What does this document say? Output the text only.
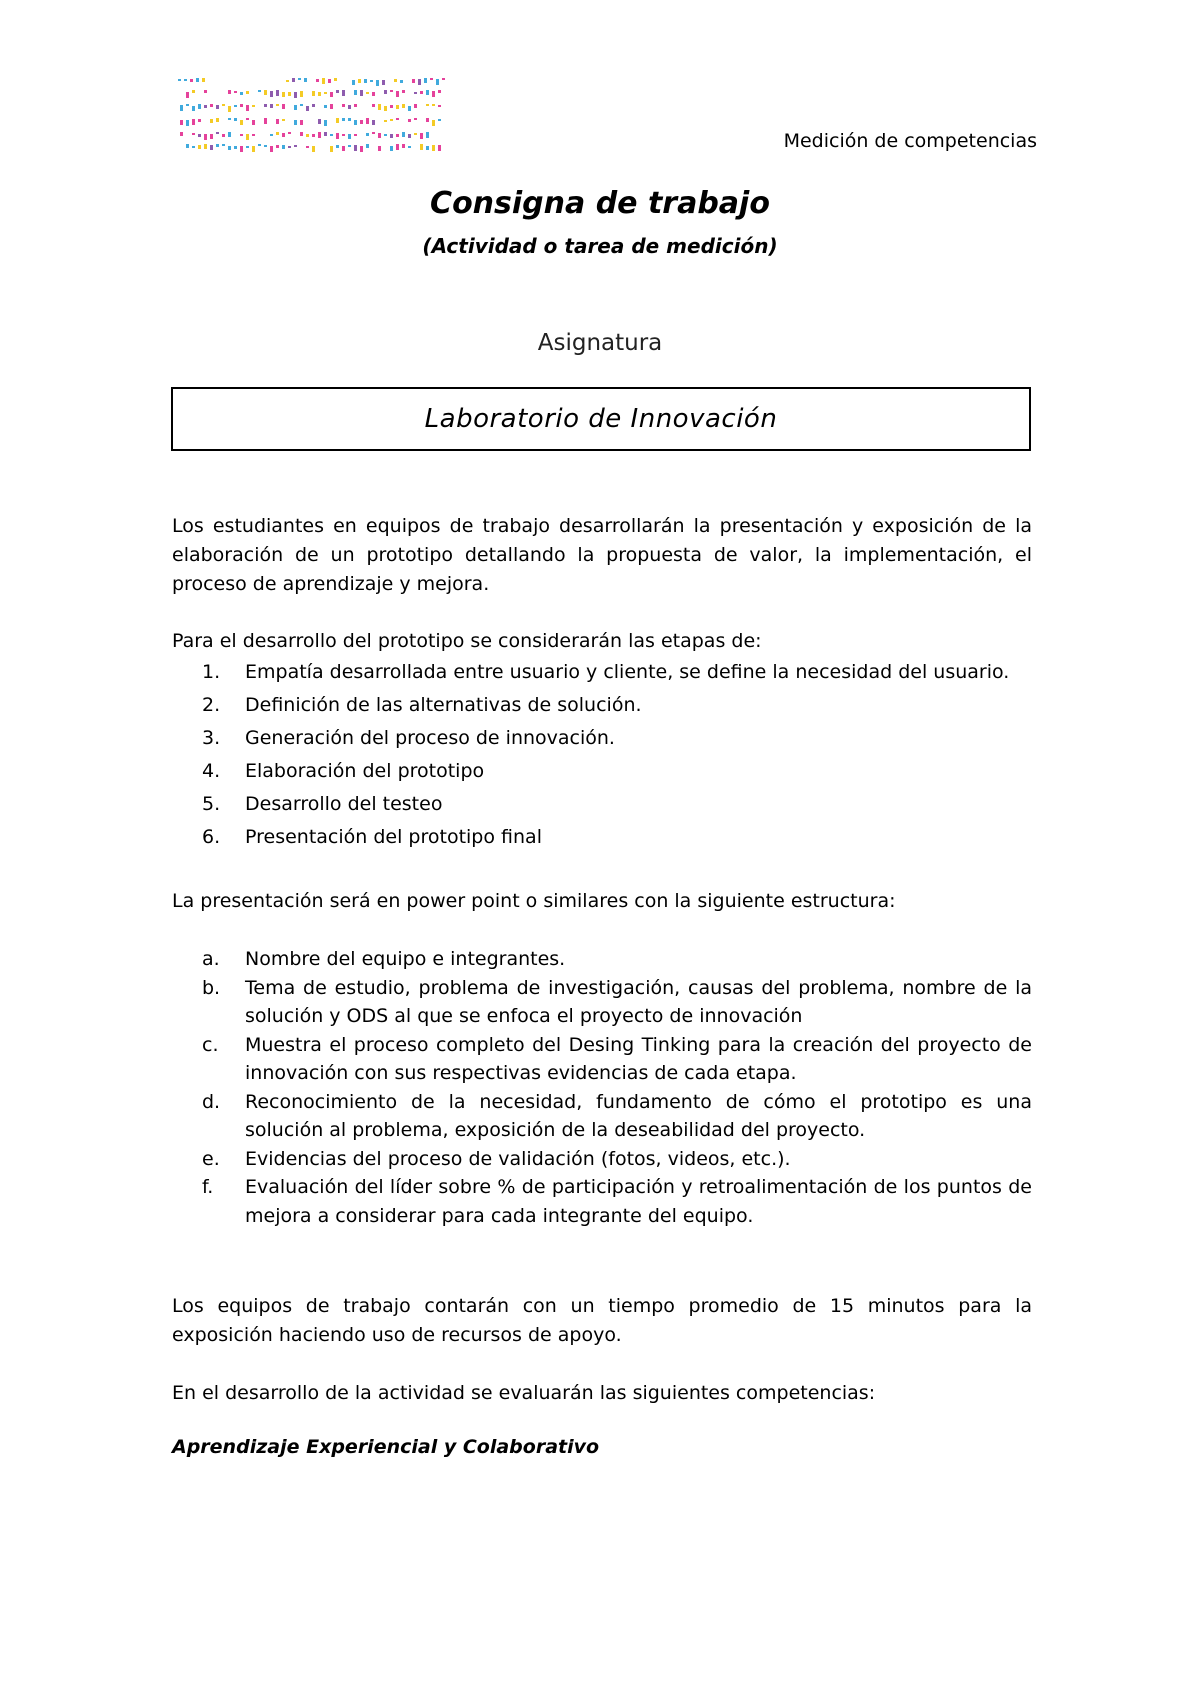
Medición de competencias
Consigna de trabajo
(Actividad o tarea de medición)
Asignatura
Laboratorio de Innovación
Los estudiantes en equipos de trabajo desarrollarán la presentación y exposición de la elaboración de un prototipo detallando la propuesta de valor, la implementación, el proceso de aprendizaje y mejora.
Para el desarrollo del prototipo se considerarán las etapas de:
1. Empatía desarrollada entre usuario y cliente, se define la necesidad del usuario.
2. Definición de las alternativas de solución.
3. Generación del proceso de innovación.
4. Elaboración del prototipo
5. Desarrollo del testeo
6. Presentación del prototipo final
La presentación será en power point o similares con la siguiente estructura:
a. Nombre del equipo e integrantes.
b. Tema de estudio, problema de investigación, causas del problema, nombre de la solución y ODS al que se enfoca el proyecto de innovación
c. Muestra el proceso completo del Desing Tinking para la creación del proyecto de innovación con sus respectivas evidencias de cada etapa.
d. Reconocimiento de la necesidad, fundamento de cómo el prototipo es una solución al problema, exposición de la deseabilidad del proyecto.
e. Evidencias del proceso de validación (fotos, videos, etc.).
f. Evaluación del líder sobre % de participación y retroalimentación de los puntos de mejora a considerar para cada integrante del equipo.
Los equipos de trabajo contarán con un tiempo promedio de 15 minutos para la exposición haciendo uso de recursos de apoyo.
En el desarrollo de la actividad se evaluarán las siguientes competencias:
Aprendizaje Experiencial y Colaborativo
